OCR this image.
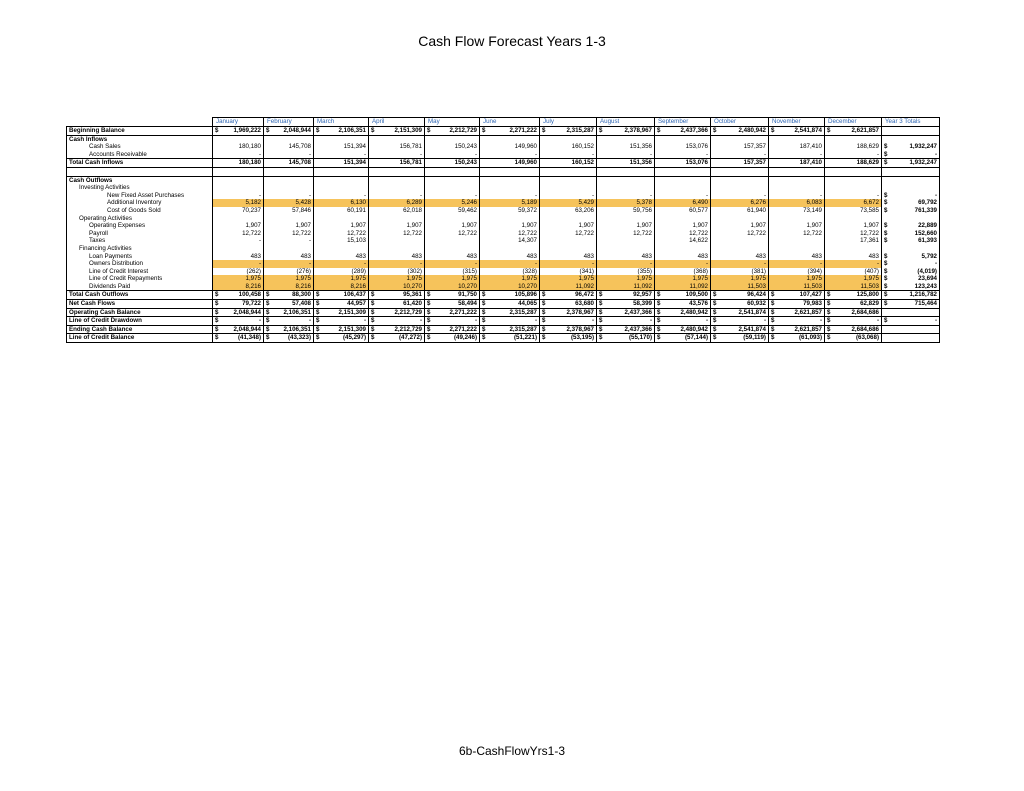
Cash Flow Forecast Years 1-3
	January	February	March	April	May	June	July	August	September	October	November	December	Year 3 Totals
Beginning Balance	$ 1,969,222	$ 2,048,944	$ 2,106,351	$ 2,151,309	$ 2,212,729	$ 2,271,222	$ 2,315,287	$ 2,378,967	$ 2,437,366	$ 2,480,942	$ 2,541,874	$ 2,621,857	

Cash Inflows													
Cash Sales	180,180	145,708	151,394	156,781	150,243	149,960	160,152	151,356	153,076	157,357	187,410	188,629	$ 1,932,247

Accounts Receivable	-	-	-	-	-	-	-	-	-	-	-	-	$ -

Total Cash Inflows	180,180	145,708	151,394	156,781	150,243	149,960	160,152	151,356	153,076	157,357	187,410	188,629	$ 1,932,247

Cash Outflows													
Investing Activities													
New Fixed Asset Purchases	-	-	-	-	-	-	-	-	-	-	-	-	$ -

Additional Inventory	5,182	5,428	6,130	6,289	5,246	5,189	5,429	5,378	6,490	6,276	6,083	6,672	$ 69,792

Cost of Goods Sold	70,237	57,846	60,191	62,018	59,462	59,372	63,206	59,756	60,577	61,940	73,149	73,585	$ 761,339

Operating Activities													
Operating Expenses	1,907	1,907	1,907	1,907	1,907	1,907	1,907	1,907	1,907	1,907	1,907	1,907	$ 22,889

Payroll	12,722	12,722	12,722	12,722	12,722	12,722	12,722	12,722	12,722	12,722	12,722	12,722	$ 152,660

Taxes	-	-	15,103			14,307			14,622			17,361	$ 61,393

Financing Activities													
Loan Payments	483	483	483	483	483	483	483	483	483	483	483	483	$ 5,792

Owners Distribution	-	-	-	-	-	-	-	-	-	-	-	-	$ -

Line of Credit Interest	(262)	(276)	(289)	(302)	(315)	(328)	(341)	(355)	(368)	(381)	(394)	(407)	$ (4,019)

Line of Credit Repayments	1,975	1,975	1,975	1,975	1,975	1,975	1,975	1,975	1,975	1,975	1,975	1,975	$ 23,694

Dividends Paid	8,216	8,216	8,216	10,270	10,270	10,270	11,092	11,092	11,092	11,503	11,503	11,503	$ 123,243

Total Cash Outflows	$ 100,458	$ 88,300	$ 106,437	$ 95,361	$ 91,750	$ 105,896	$ 96,472	$ 92,957	$ 109,500	$ 96,424	$ 107,427	$ 125,800	$ 1,216,782

Net Cash Flows	$ 79,722	$ 57,408	$ 44,957	$ 61,420	$ 58,494	$ 44,065	$ 63,680	$ 58,399	$ 43,576	$ 60,932	$ 79,983	$ 62,829	$ 715,464

Operating Cash Balance	$ 2,048,944	$ 2,106,351	$ 2,151,309	$ 2,212,729	$ 2,271,222	$ 2,315,287	$ 2,378,967	$ 2,437,366	$ 2,480,942	$ 2,541,874	$ 2,621,857	$ 2,684,686	

Line of Credit Drawdown	$ -	$ -	$ -	$ -	$ -	$ -	$ -	$ -	$ -	$ -	$ -	$ -	$ -

Ending Cash Balance	$ 2,048,944	$ 2,106,351	$ 2,151,309	$ 2,212,729	$ 2,271,222	$ 2,315,287	$ 2,378,967	$ 2,437,366	$ 2,480,942	$ 2,541,874	$ 2,621,857	$ 2,684,686	

Line of Credit Balance	$ (41,348)	$ (43,323)	$ (45,297)	$ (47,272)	$ (49,246)	$ (51,221)	$ (53,195)	$ (55,170)	$ (57,144)	$ (59,119)	$ (61,093)	$ (63,068)	

6b-CashFlowYrs1-3
